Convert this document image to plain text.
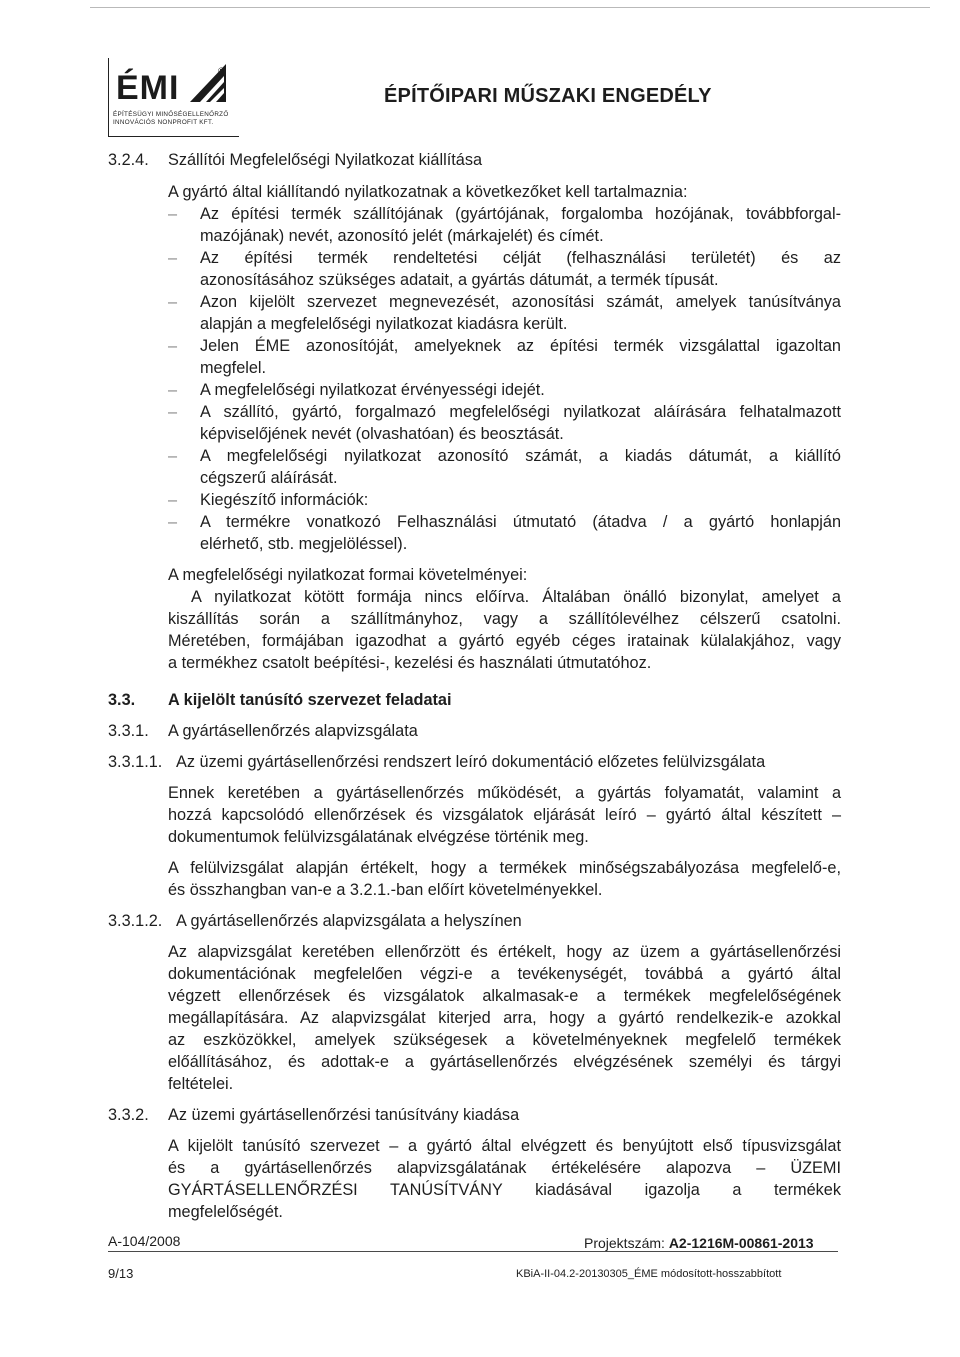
ÉMI	®
ÉPÍTÉSÜGYI MINŐSÉGELLENŐRZŐ
INNOVÁCIÓS NONPROFIT KFT.
ÉPÍTŐIPARI MŰSZAKI ENGEDÉLY
3.2.4. Szállítói Megfelelőségi Nyilatkozat kiállítása
A gyártó által kiállítandó nyilatkozatnak a következőket kell tartalmaznia:
– Az építési termék szállítójának (gyártójának, forgalomba hozójának, továbbforgal-
mazójának) nevét, azonosító jelét (márkajelét) és címét.
– Az építési termék rendeltetési célját (felhasználási területét) és az
azonosításához szükséges adatait, a gyártás dátumát, a termék típusát.
– Azon kijelölt szervezet megnevezését, azonosítási számát, amelyek tanúsítványa
alapján a megfelelőségi nyilatkozat kiadásra került.
– Jelen ÉME azonosítóját, amelyeknek az építési termék vizsgálattal igazoltan
megfelel.
– A megfelelőségi nyilatkozat érvényességi idejét.
– A szállító, gyártó, forgalmazó megfelelőségi nyilatkozat aláírására felhatalmazott
képviselőjének nevét (olvashatóan) és beosztását.
– A megfelelőségi nyilatkozat azonosító számát, a kiadás dátumát, a kiállító
cégszerű aláírását.
– Kiegészítő információk:
– A termékre vonatkozó Felhasználási útmutató (átadva / a gyártó honlapján
elérhető, stb. megjelöléssel).
A megfelelőségi nyilatkozat formai követelményei:
A nyilatkozat kötött formája nincs előírva. Általában önálló bizonylat, amelyet a
kiszállítás során a szállítmányhoz, vagy a szállítólevélhez célszerű csatolni.
Méretében, formájában igazodhat a gyártó egyéb céges iratainak külalakjához, vagy
a termékhez csatolt beépítési-, kezelési és használati útmutatóhoz.
3.3. A kijelölt tanúsító szervezet feladatai
3.3.1. A gyártásellenőrzés alapvizsgálata
3.3.1.1. Az üzemi gyártásellenőrzési rendszert leíró dokumentáció előzetes felülvizsgálata
Ennek keretében a gyártásellenőrzés működését, a gyártás folyamatát, valamint a
hozzá kapcsolódó ellenőrzések és vizsgálatok eljárását leíró – gyártó által készített –
dokumentumok felülvizsgálatának elvégzése történik meg.
A felülvizsgálat alapján értékelt, hogy a termékek minőségszabályozása megfelelő-e,
és összhangban van-e a 3.2.1.-ban előírt követelményekkel.
3.3.1.2. A gyártásellenőrzés alapvizsgálata a helyszínen
Az alapvizsgálat keretében ellenőrzött és értékelt, hogy az üzem a gyártásellenőrzési
dokumentációnak megfelelően végzi-e a tevékenységét, továbbá a gyártó által
végzett ellenőrzések és vizsgálatok alkalmasak-e a termékek megfelelőségének
megállapítására. Az alapvizsgálat kiterjed arra, hogy a gyártó rendelkezik-e azokkal
az eszközökkel, amelyek szükségesek a követelményeknek megfelelő termékek
előállításához, és adottak-e a gyártásellenőrzés elvégzésének személyi és tárgyi
feltételei.
3.3.2. Az üzemi gyártásellenőrzési tanúsítvány kiadása
A kijelölt tanúsító szervezet – a gyártó által elvégzett és benyújtott első típusvizsgálat
és a gyártásellenőrzés alapvizsgálatának értékelésére alapozva – ÜZEMI
GYÁRTÁSELLENŐRZÉSI TANÚSÍTVÁNY kiadásával igazolja a termékek
megfelelőségét.
A-104/2008	Projektszám: A2-1216M-00861-2013
9/13	KBiA-II-04.2-20130305_ÉME módosított-hosszabbított
